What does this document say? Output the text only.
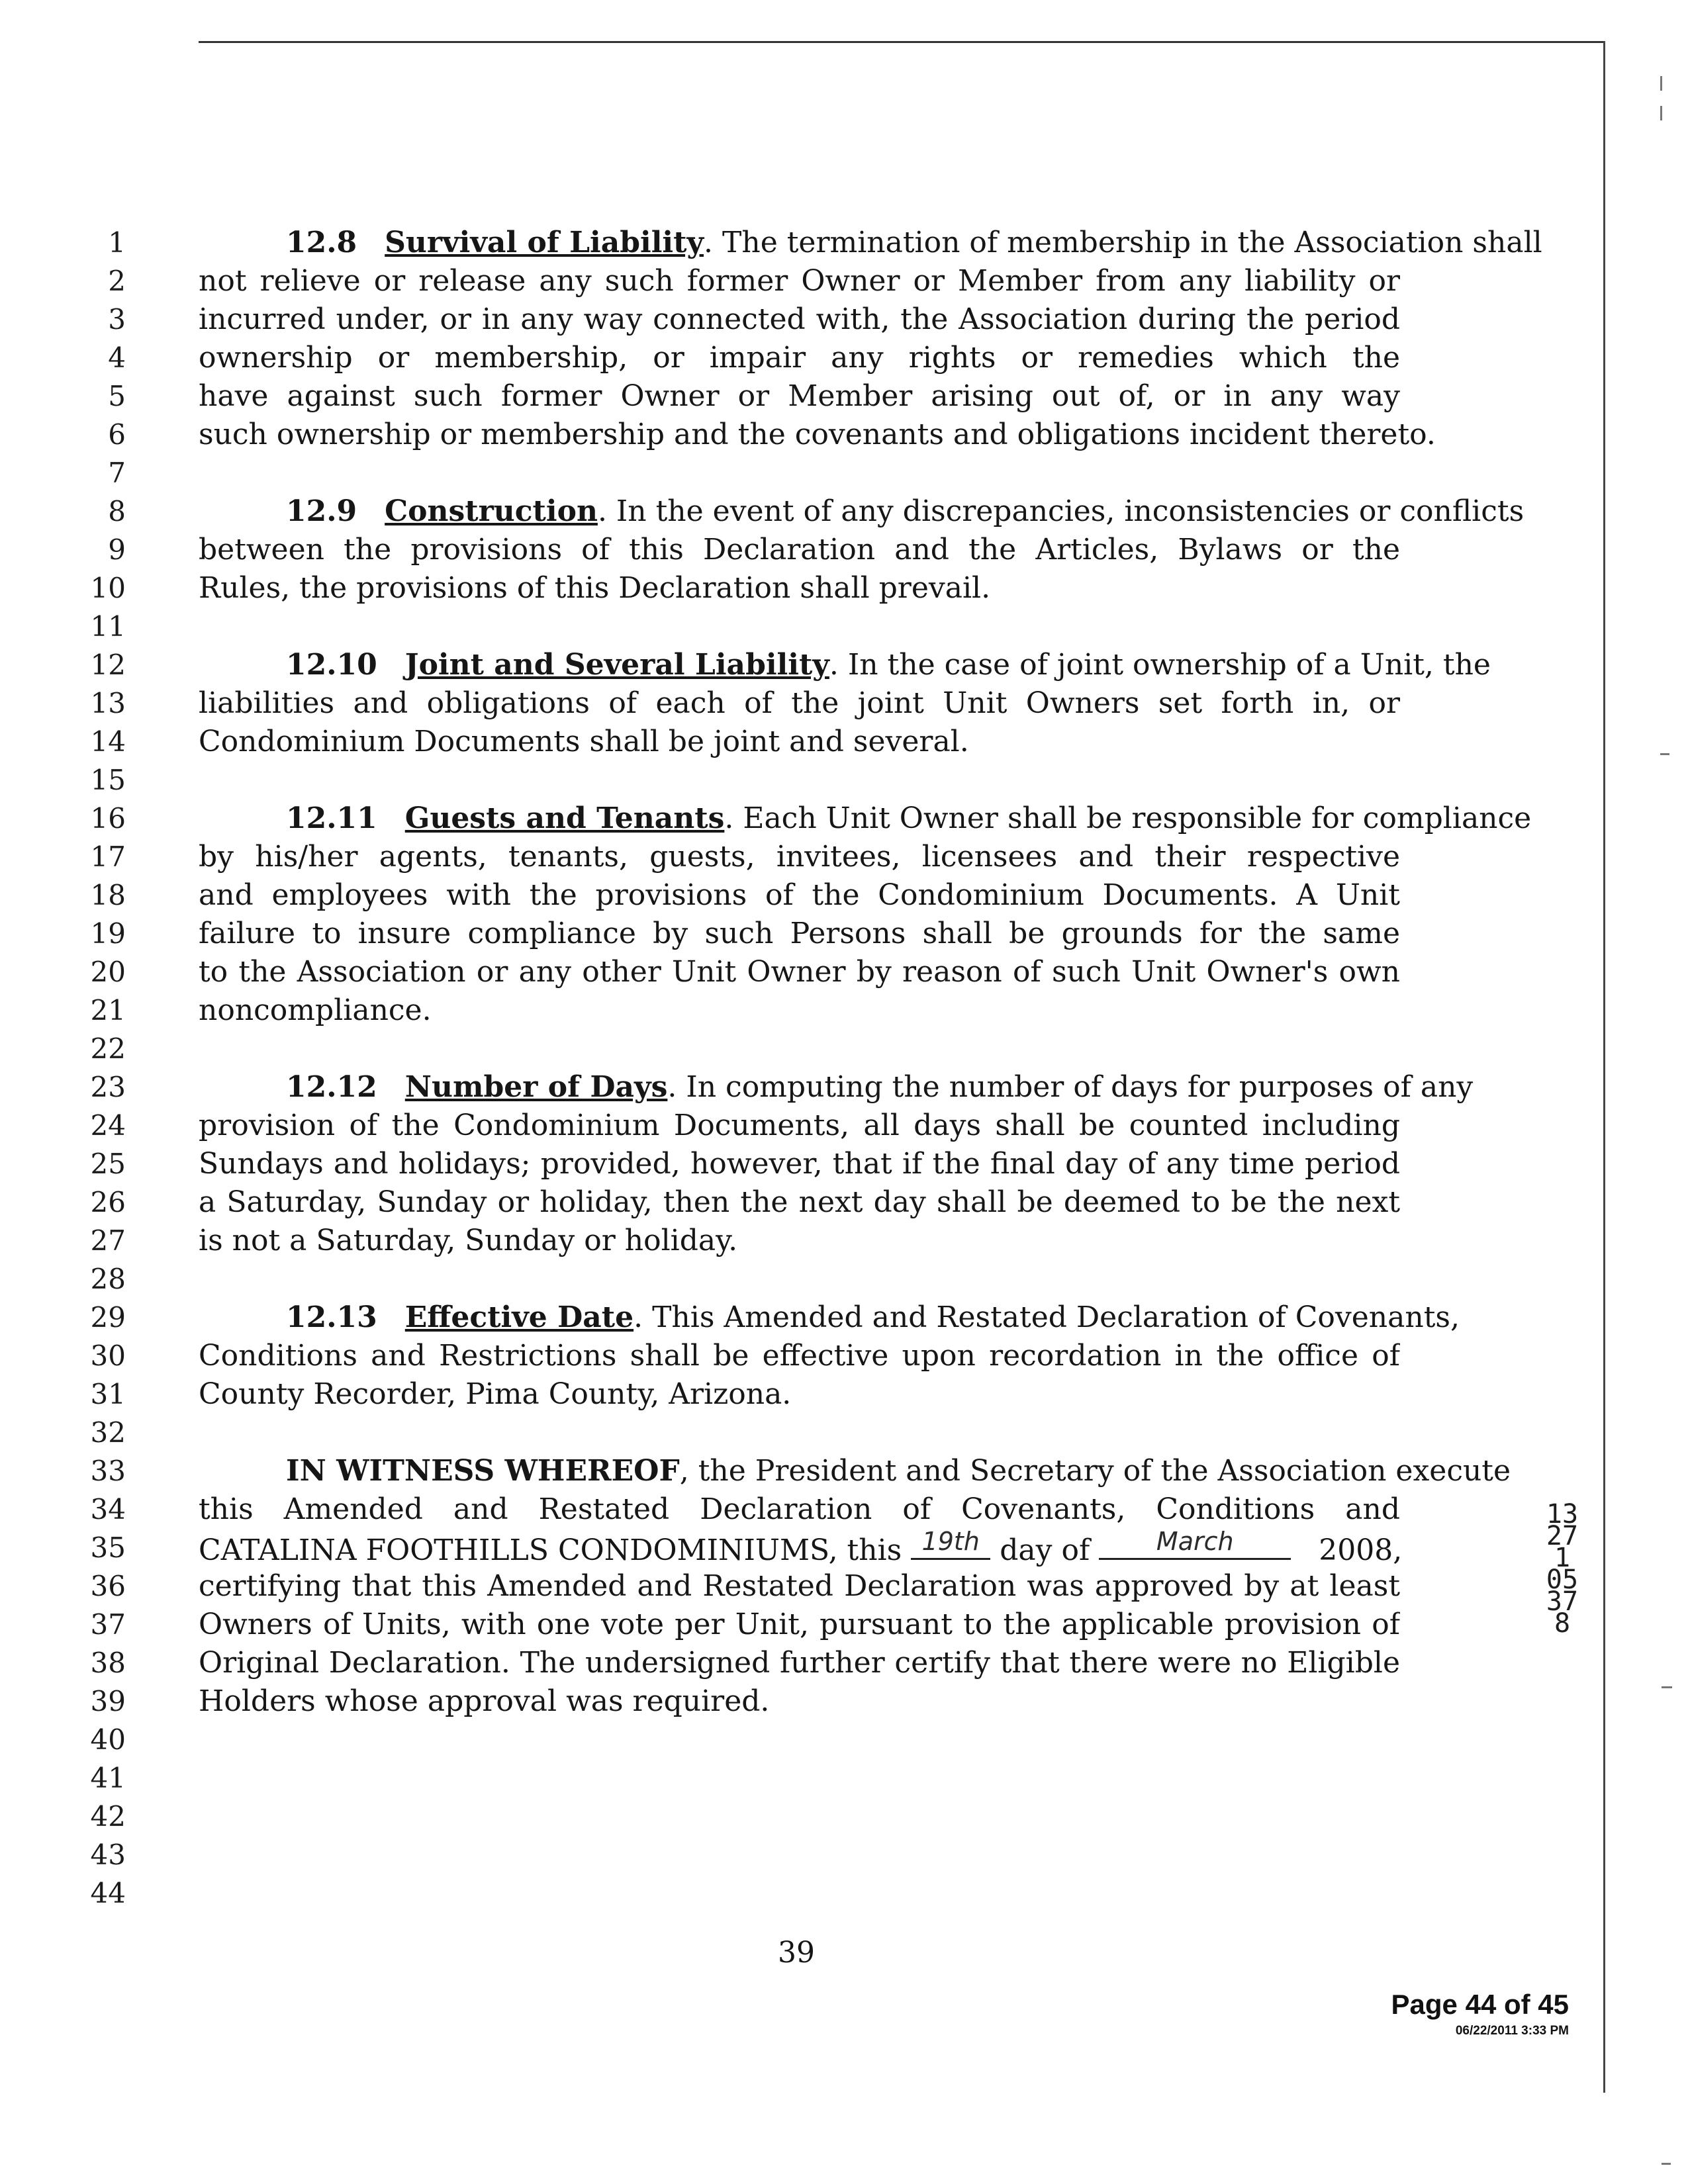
1
2
3
4
5
6
7
8
9
10
11
12
13
14
15
16
17
18
19
20
21
22
23
24
25
26
27
28
29
30
31
32
33
34
35
36
37
38
39
40
41
42
43
44
12.8 Survival of Liability. The termination of membership in the Association shall
not relieve or release any such former Owner or Member from any liability or
incurred under, or in any way connected with, the Association during the period
ownership or membership, or impair any rights or remedies which the
have against such former Owner or Member arising out of, or in any way
such ownership or membership and the covenants and obligations incident thereto.
12.9 Construction. In the event of any discrepancies, inconsistencies or conflicts
between the provisions of this Declaration and the Articles, Bylaws or the
Rules, the provisions of this Declaration shall prevail.
12.10 Joint and Several Liability. In the case of joint ownership of a Unit, the
liabilities and obligations of each of the joint Unit Owners set forth in, or
Condominium Documents shall be joint and several.
12.11 Guests and Tenants. Each Unit Owner shall be responsible for compliance
by his/her agents, tenants, guests, invitees, licensees and their respective
and employees with the provisions of the Condominium Documents. A Unit
failure to insure compliance by such Persons shall be grounds for the same
to the Association or any other Unit Owner by reason of such Unit Owner's own
noncompliance.
12.12 Number of Days. In computing the number of days for purposes of any
provision of the Condominium Documents, all days shall be counted including
Sundays and holidays; provided, however, that if the final day of any time period
a Saturday, Sunday or holiday, then the next day shall be deemed to be the next
is not a Saturday, Sunday or holiday.
12.13 Effective Date. This Amended and Restated Declaration of Covenants,
Conditions and Restrictions shall be effective upon recordation in the office of
County Recorder, Pima County, Arizona.
IN WITNESS WHEREOF, the President and Secretary of the Association execute
this Amended and Restated Declaration of Covenants, Conditions and
CATALINA FOOTHILLS CONDOMINIUMS, this 19th day of	March	2008,
certifying that this Amended and Restated Declaration was approved by at least
Owners of Units, with one vote per Unit, pursuant to the applicable provision of
Original Declaration. The undersigned further certify that there were no Eligible
Holders whose approval was required.
13271 05378
39
Page 44 of 45
06/22/2011 3:33 PM
